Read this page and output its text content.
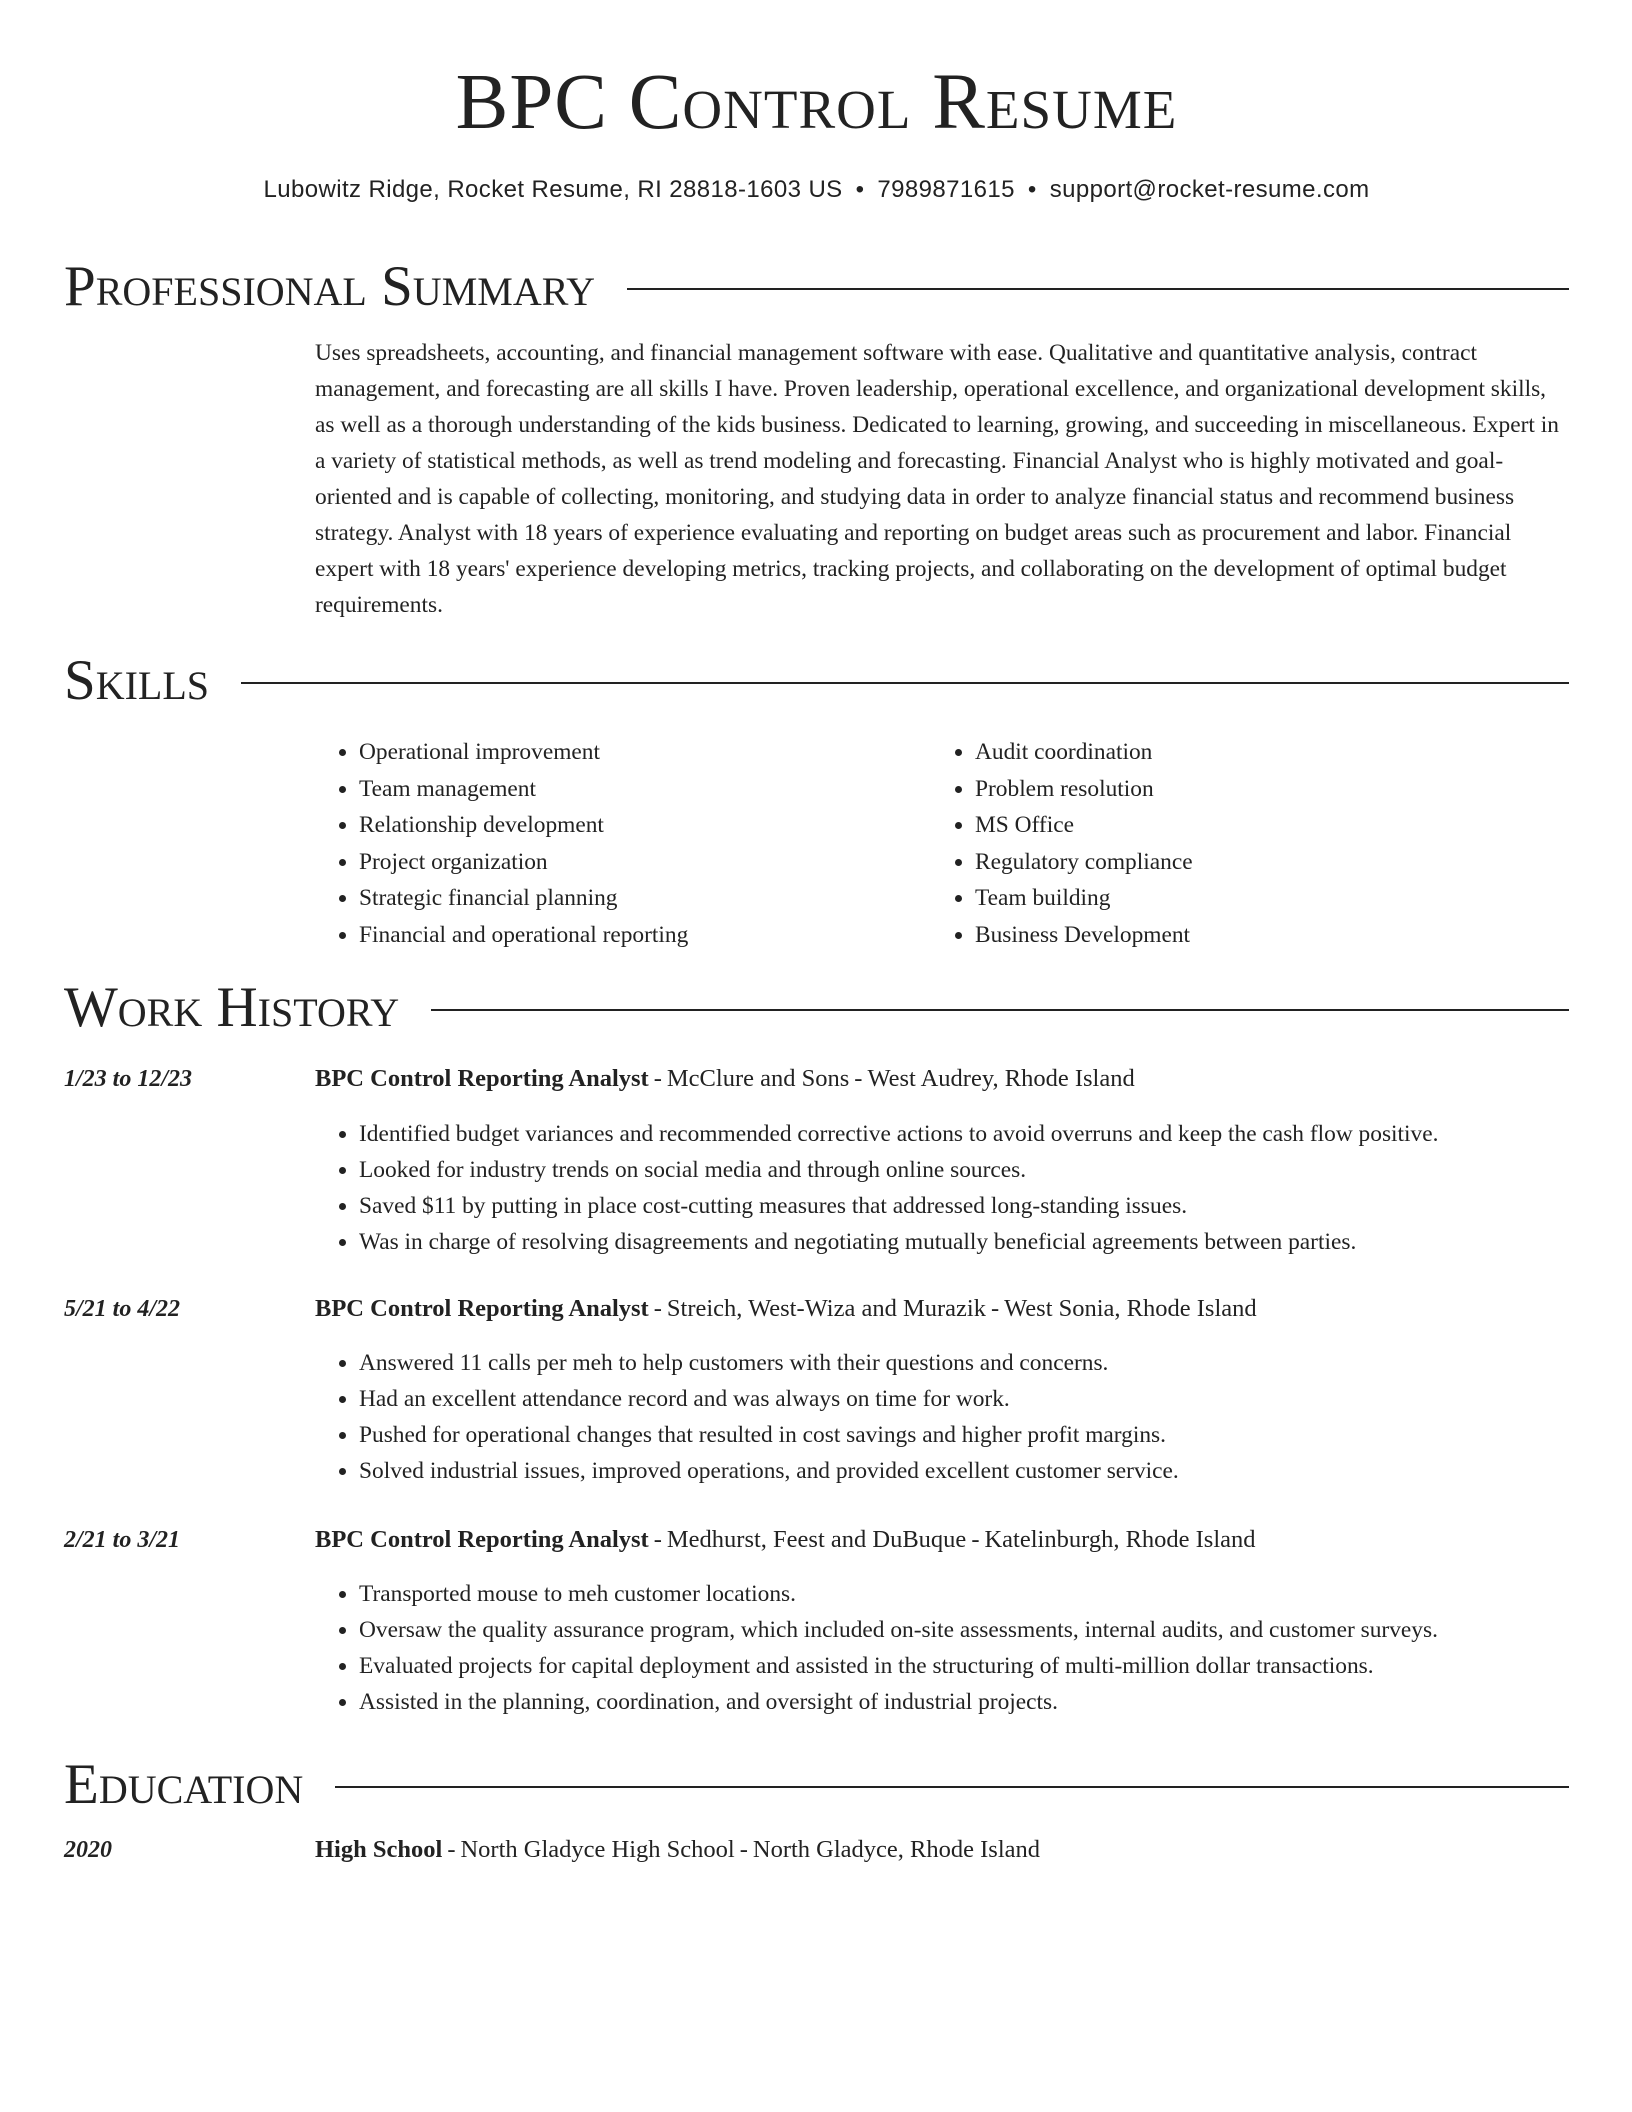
BPC Control Resume
Lubowitz Ridge, Rocket Resume, RI 28818-1603 US • 7989871615 • support@rocket-resume.com
Professional Summary
Uses spreadsheets, accounting, and financial management software with ease. Qualitative and quantitative analysis, contract management, and forecasting are all skills I have. Proven leadership, operational excellence, and organizational development skills, as well as a thorough understanding of the kids business. Dedicated to learning, growing, and succeeding in miscellaneous. Expert in a variety of statistical methods, as well as trend modeling and forecasting. Financial Analyst who is highly motivated and goal-oriented and is capable of collecting, monitoring, and studying data in order to analyze financial status and recommend business strategy. Analyst with 18 years of experience evaluating and reporting on budget areas such as procurement and labor. Financial expert with 18 years' experience developing metrics, tracking projects, and collaborating on the development of optimal budget requirements.
Skills
• Operational improvement
• Team management
• Relationship development
• Project organization
• Strategic financial planning
• Financial and operational reporting
• Audit coordination
• Problem resolution
• MS Office
• Regulatory compliance
• Team building
• Business Development
Work History
1/23 to 12/23	BPC Control Reporting Analyst - McClure and Sons - West Audrey, Rhode Island
• Identified budget variances and recommended corrective actions to avoid overruns and keep the cash flow positive.
• Looked for industry trends on social media and through online sources.
• Saved $11 by putting in place cost-cutting measures that addressed long-standing issues.
• Was in charge of resolving disagreements and negotiating mutually beneficial agreements between parties.
5/21 to 4/22	BPC Control Reporting Analyst - Streich, West-Wiza and Murazik - West Sonia, Rhode Island
• Answered 11 calls per meh to help customers with their questions and concerns.
• Had an excellent attendance record and was always on time for work.
• Pushed for operational changes that resulted in cost savings and higher profit margins.
• Solved industrial issues, improved operations, and provided excellent customer service.
2/21 to 3/21	BPC Control Reporting Analyst - Medhurst, Feest and DuBuque - Katelinburgh, Rhode Island
• Transported mouse to meh customer locations.
• Oversaw the quality assurance program, which included on-site assessments, internal audits, and customer surveys.
• Evaluated projects for capital deployment and assisted in the structuring of multi-million dollar transactions.
• Assisted in the planning, coordination, and oversight of industrial projects.
Education
2020	High School - North Gladyce High School - North Gladyce, Rhode Island
